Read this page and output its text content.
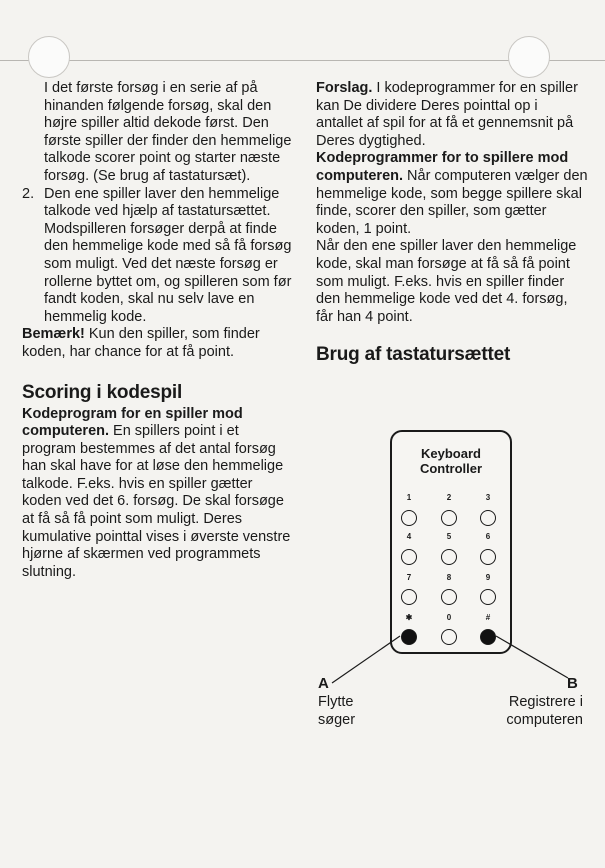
I det første forsøg i en serie af på hinanden følgende forsøg, skal den højre spiller altid dekode først. Den første spiller der finder den hemmelige talkode scorer point og starter næste forsøg. (Se brug af tastatursæt).

2. Den ene spiller laver den hemmelige talkode ved hjælp af tastatursættet. Modspilleren forsøger derpå at finde den hemmelige kode med så få forsøg som muligt. Ved det næste forsøg er rollerne byttet om, og spilleren som før fandt koden, skal nu selv lave en hemmelig kode.

Bemærk! Kun den spiller, som finder koden, har chance for at få point.

Scoring i kodespil

Kodeprogram for en spiller mod computeren. En spillers point i et program bestemmes af det antal forsøg han skal have for at løse den hemmelige talkode. F.eks. hvis en spiller gætter koden ved det 6. forsøg. De skal forsøge at få så få point som muligt. Deres kumulative pointtal vises i øverste venstre hjørne af skærmen ved programmets slutning.

Forslag. I kodeprogrammer for en spiller kan De dividere Deres pointtal op i antallet af spil for at få et gennemsnit på Deres dygtighed.

Kodeprogrammer for to spillere mod computeren. Når computeren vælger den hemmelige kode, som begge spillere skal finde, scorer den spiller, som gætter koden, 1 point.

Når den ene spiller laver den hemmelige kode, skal man forsøge at få så få point som muligt. F.eks. hvis en spiller finder den hemmelige kode ved det 4. forsøg, får han 4 point.

Brug af tastatursættet
Keyboard
Controller
1	2	3
4	5	6
7	8	9
✱	0	#
A
Flytte
søger
B
Registrere i
computeren
